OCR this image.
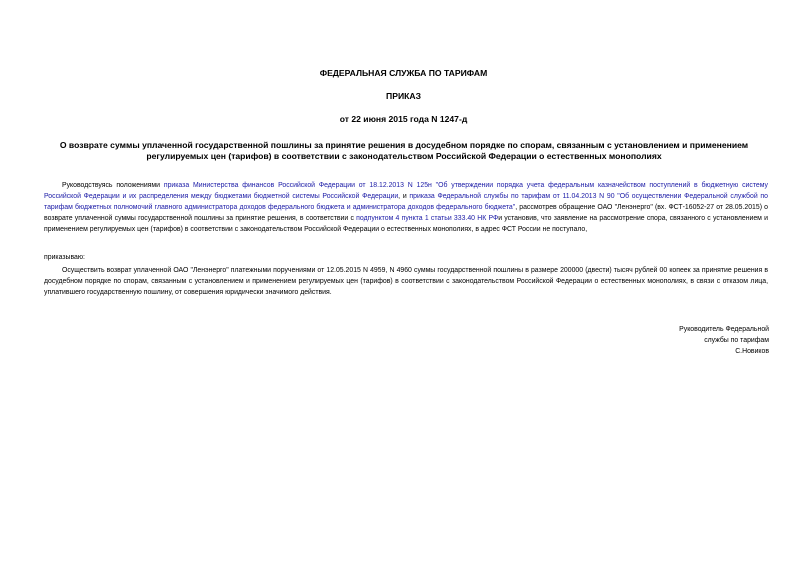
ФЕДЕРАЛЬНАЯ СЛУЖБА ПО ТАРИФАМ
ПРИКАЗ
от 22 июня 2015 года N 1247-д
О возврате суммы уплаченной государственной пошлины за принятие решения в досудебном порядке по спорам, связанным с установлением и применением регулируемых цен (тарифов) в соответствии с законодательством Российской Федерации о естественных монополиях
Руководствуясь положениями приказа Министерства финансов Российской Федерации от 18.12.2013 N 125н "Об утверждении порядка учета федеральным казначейством поступлений в бюджетную систему Российской Федерации и их распределения между бюджетами бюджетной системы Российской Федерации, и приказа Федеральной службы по тарифам от 11.04.2013 N 90 "Об осуществлении Федеральной службой по тарифам бюджетных полномочий главного администратора доходов федерального бюджета и администратора доходов федерального бюджета", рассмотрев обращение ОАО "Ленэнерго" (вх. ФСТ-16052-27 от 28.05.2015) о возврате уплаченной суммы государственной пошлины за принятие решения, в соответствии с подпунктом 4 пункта 1 статьи 333.40 НК РФи установив, что заявление на рассмотрение спора, связанного с установлением и применением регулируемых цен (тарифов) в соответствии с законодательством Российской Федерации о естественных монополиях, в адрес ФСТ России не поступало,
приказываю:
Осуществить возврат уплаченной ОАО "Ленэнерго" платежными поручениями от 12.05.2015 N 4959, N 4960 суммы государственной пошлины в размере 200000 (двести) тысяч рублей 00 копеек за принятие решения в досудебном порядке по спорам, связанным с установлением и применением регулируемых цен (тарифов) в соответствии с законодательством Российской Федерации о естественных монополиях, в связи с отказом лица, уплатившего государственную пошлину, от совершения юридически значимого действия.
Руководитель Федеральной
службы по тарифам
С.Новиков
